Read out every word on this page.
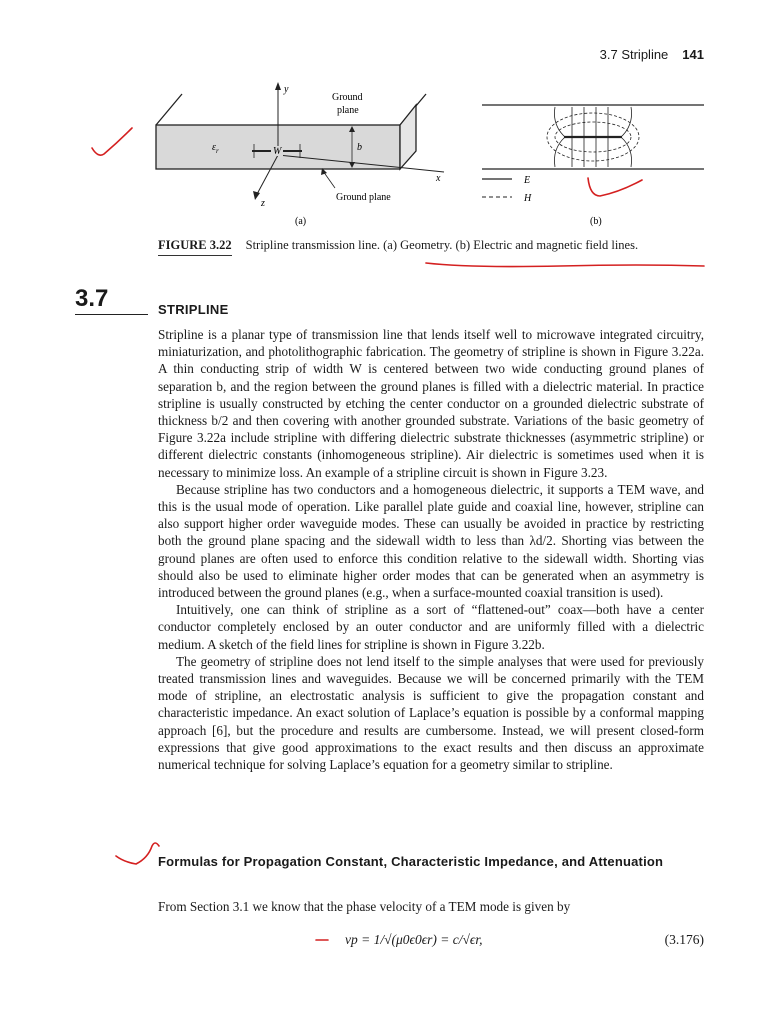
3.7 Stripline 141
y
x
z
$\varepsilon_r$	W	b
Ground
plane
Ground plane
(a)
E
H
(b)
FIGURE 3.22 Stripline transmission line. (a) Geometry. (b) Electric and magnetic field lines.
3.7	STRIPLINE

Stripline is a planar type of transmission line that lends itself well to microwave integrated circuitry, miniaturization, and photolithographic fabrication. The geometry of stripline is shown in Figure 3.22a. A thin conducting strip of width W is centered between two wide conducting ground planes of separation b, and the region between the ground planes is filled with a dielectric material. In practice stripline is usually constructed by etching the center conductor on a grounded dielectric substrate of thickness b/2 and then covering with another grounded substrate. Variations of the basic geometry of Figure 3.22a include stripline with differing dielectric substrate thicknesses (asymmetric stripline) or different dielectric constants (inhomogeneous stripline). Air dielectric is sometimes used when it is necessary to minimize loss. An example of a stripline circuit is shown in Figure 3.23.

Because stripline has two conductors and a homogeneous dielectric, it supports a TEM wave, and this is the usual mode of operation. Like parallel plate guide and coaxial line, however, stripline can also support higher order waveguide modes. These can usually be avoided in practice by restricting both the ground plane spacing and the sidewall width to less than λd/2. Shorting vias between the ground planes are often used to enforce this condition relative to the sidewall width. Shorting vias should also be used to eliminate higher order modes that can be generated when an asymmetry is introduced between the ground planes (e.g., when a surface-mounted coaxial transition is used).

Intuitively, one can think of stripline as a sort of “flattened-out” coax—both have a center conductor completely enclosed by an outer conductor and are uniformly filled with a dielectric medium. A sketch of the field lines for stripline is shown in Figure 3.22b.

The geometry of stripline does not lend itself to the simple analyses that were used for previously treated transmission lines and waveguides. Because we will be concerned primarily with the TEM mode of stripline, an electrostatic analysis is sufficient to give the propagation constant and characteristic impedance. An exact solution of Laplace’s equation is possible by a conformal mapping approach [6], but the procedure and results are cumbersome. Instead, we will present closed-form expressions that give good approximations to the exact results and then discuss an approximate numerical technique for solving Laplace’s equation for a geometry similar to stripline.

Formulas for Propagation Constant, Characteristic Impedance, and Attenuation
From Section 3.1 we know that the phase velocity of a TEM mode is given by
vp = 1/√(μ0ϵ0ϵr) = c/√ϵr,	(3.176)
